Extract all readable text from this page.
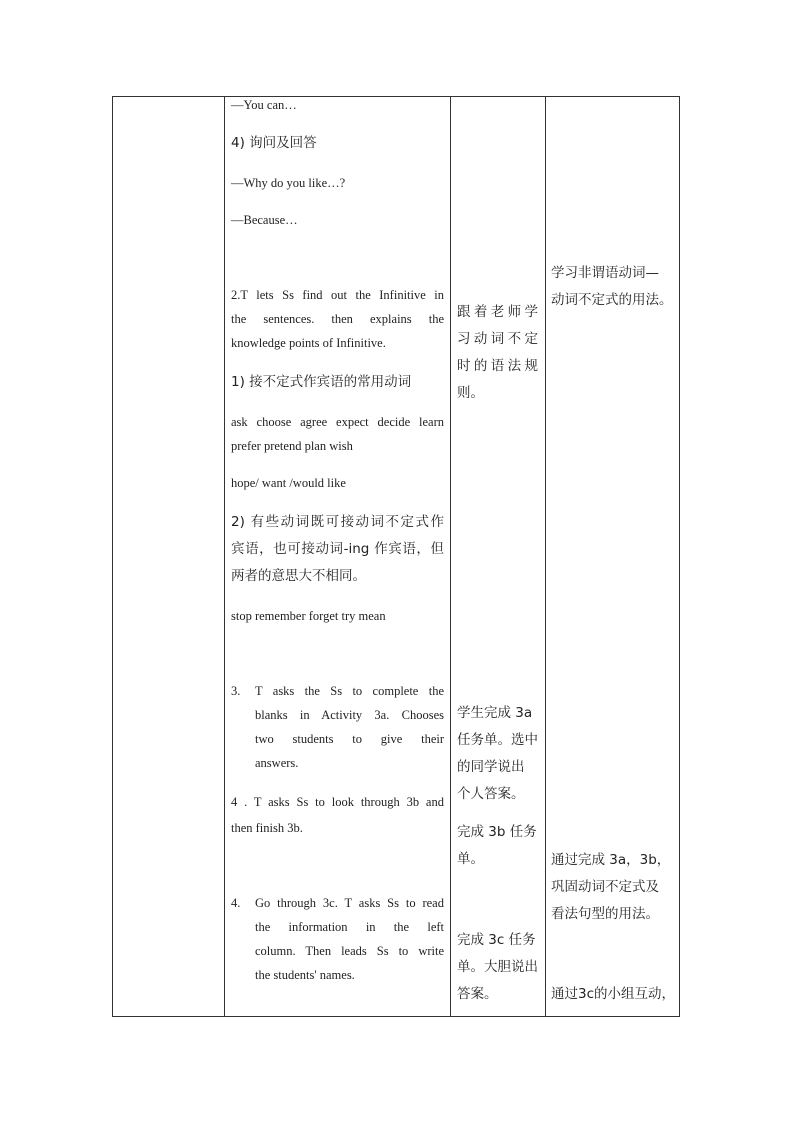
—You can…
4) 询问及回答
—Why do you like…?
—Because…
2.T lets Ss find out the Infinitive in
the sentences. then explains the
knowledge points of Infinitive.
1) 接不定式作宾语的常用动词
ask choose agree expect decide learn
prefer pretend plan wish
hope/ want /would like
2) 有些动词既可接动词不定式作
宾语，也可接动词-ing 作宾语，但
两者的意思大不相同。
stop remember forget try mean
3. T asks the Ss to complete the
blanks in Activity 3a. Chooses
two students to give their
answers.
4 . T asks Ss to look through 3b and
then finish 3b.
4. Go through 3c. T asks Ss to read
the information in the left
column. Then leads Ss to write
the students' names.
跟着老师学
习动词不定
时的语法规
则。
学生完成 3a
任务单。选中
的同学说出
个人答案。
完成 3b 任务
单。
完成 3c 任务
单。大胆说出
答案。
学习非谓语动词—
动词不定式的用法。
通过完成 3a，3b，
巩固动词不定式及
看法句型的用法。
通过3c的小组互动，
